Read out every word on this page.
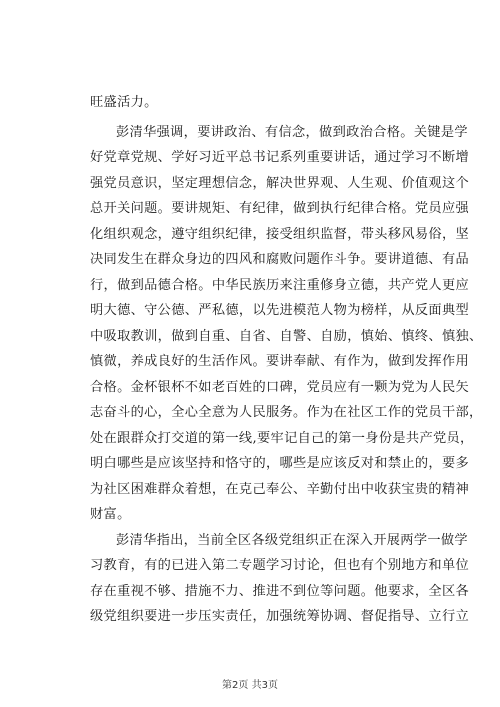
旺盛活力。
彭清华强调，要讲政治、有信念，做到政治合格。关键是学
好党章党规、学好习近平总书记系列重要讲话，通过学习不断增
强党员意识，坚定理想信念，解决世界观、人生观、价值观这个
总开关问题。要讲规矩、有纪律，做到执行纪律合格。党员应强
化组织观念，遵守组织纪律，接受组织监督，带头移风易俗，坚
决同发生在群众身边的四风和腐败问题作斗争。要讲道德、有品
行，做到品德合格。中华民族历来注重修身立德，共产党人更应
明大德、守公德、严私德，以先进模范人物为榜样，从反面典型
中吸取教训，做到自重、自省、自警、自励，慎始、慎终、慎独、
慎微，养成良好的生活作风。要讲奉献、有作为，做到发挥作用
合格。金杯银杯不如老百姓的口碑，党员应有一颗为党为人民矢
志奋斗的心，全心全意为人民服务。作为在社区工作的党员干部，
处在跟群众打交道的第一线,要牢记自己的第一身份是共产党员，
明白哪些是应该坚持和恪守的，哪些是应该反对和禁止的，要多
为社区困难群众着想，在克己奉公、辛勤付出中收获宝贵的精神
财富。
彭清华指出，当前全区各级党组织正在深入开展两学一做学
习教育，有的已进入第二专题学习讨论，但也有个别地方和单位
存在重视不够、措施不力、推进不到位等问题。他要求，全区各
级党组织要进一步压实责任，加强统筹协调、督促指导、立行立
第2页 共3页
